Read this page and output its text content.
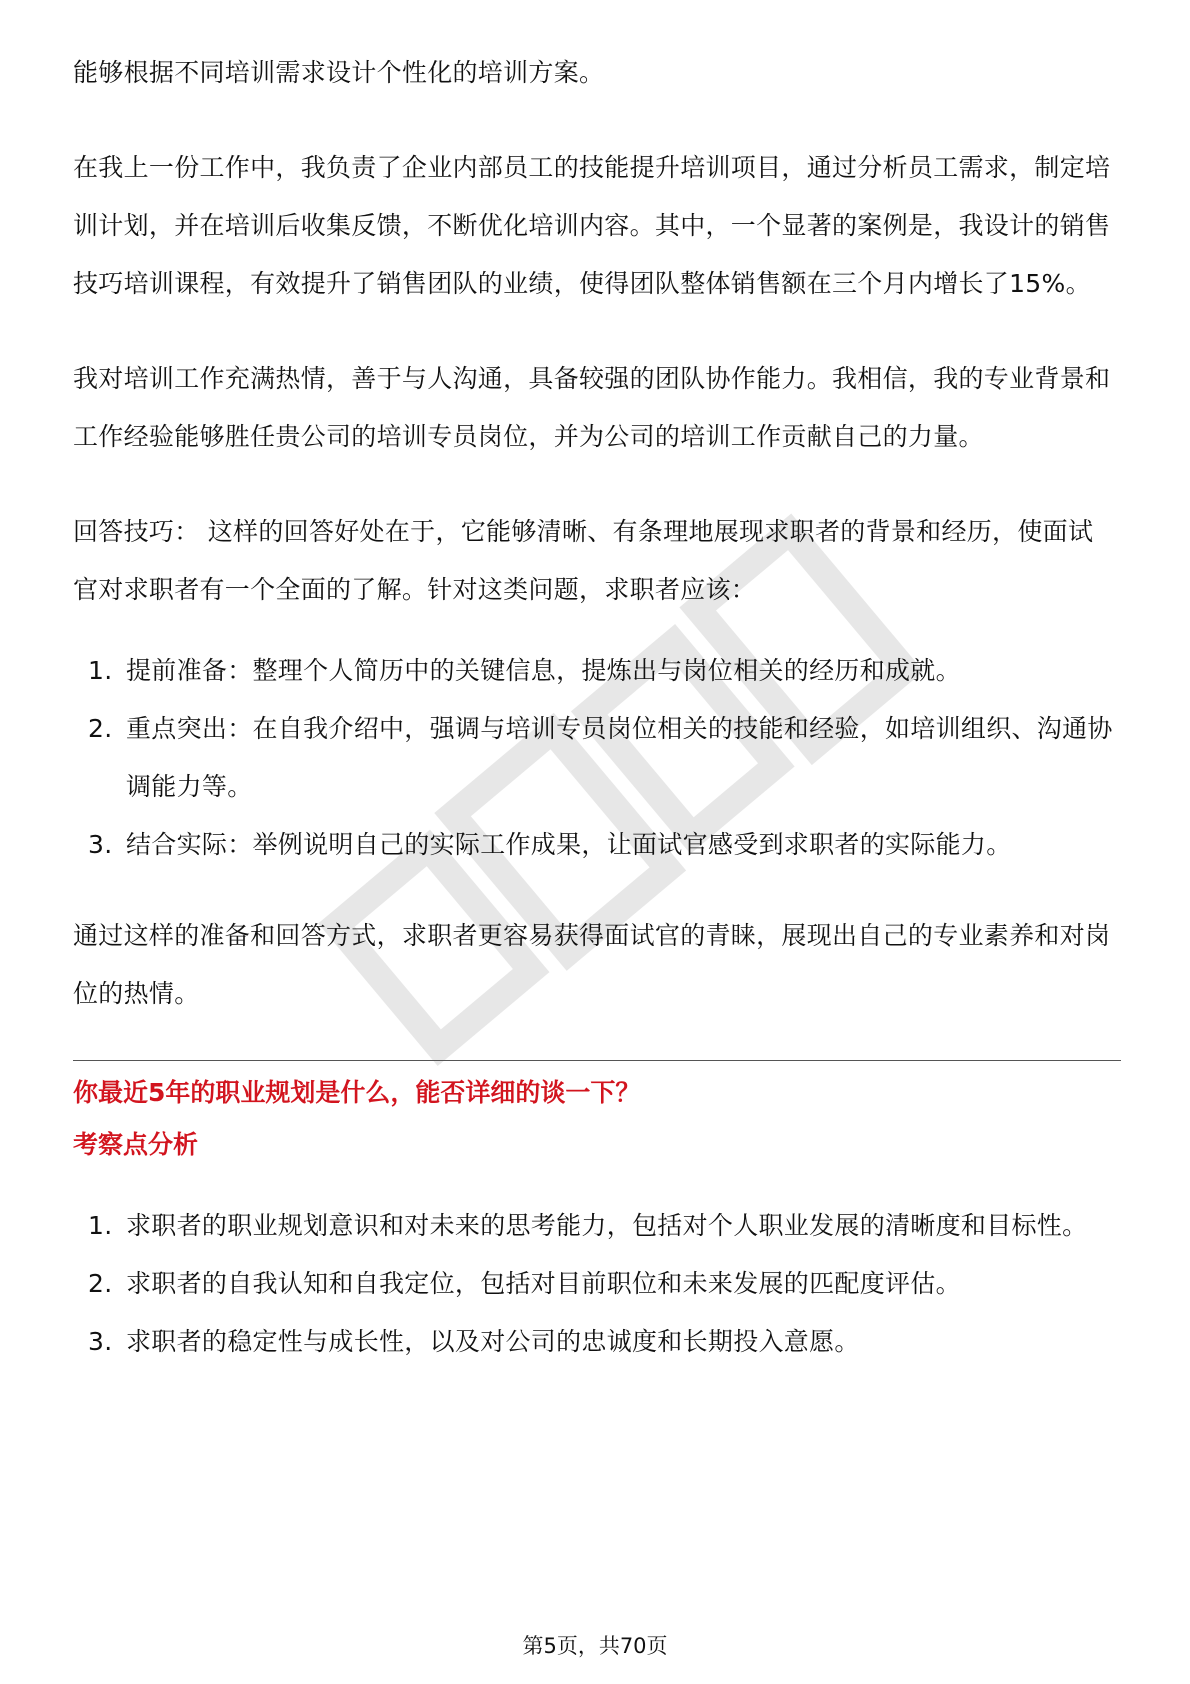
能够根据不同培训需求设计个性化的培训方案。

在我上一份工作中，我负责了企业内部员工的技能提升培训项目，通过分析员工需求，制定培训计划，并在培训后收集反馈，不断优化培训内容。其中，一个显著的案例是，我设计的销售技巧培训课程，有效提升了销售团队的业绩，使得团队整体销售额在三个月内增长了15%。

我对培训工作充满热情，善于与人沟通，具备较强的团队协作能力。我相信，我的专业背景和工作经验能够胜任贵公司的培训专员岗位，并为公司的培训工作贡献自己的力量。

回答技巧： 这样的回答好处在于，它能够清晰、有条理地展现求职者的背景和经历，使面试官对求职者有一个全面的了解。针对这类问题，求职者应该：

1. 提前准备：整理个人简历中的关键信息，提炼出与岗位相关的经历和成就。
2. 重点突出：在自我介绍中，强调与培训专员岗位相关的技能和经验，如培训组织、沟通协调能力等。
3. 结合实际：举例说明自己的实际工作成果，让面试官感受到求职者的实际能力。

通过这样的准备和回答方式，求职者更容易获得面试官的青睐，展现出自己的专业素养和对岗位的热情。

你最近5年的职业规划是什么，能否详细的谈一下？
考察点分析
1. 求职者的职业规划意识和对未来的思考能力，包括对个人职业发展的清晰度和目标性。
2. 求职者的自我认知和自我定位，包括对目前职位和未来发展的匹配度评估。
3. 求职者的稳定性与成长性，以及对公司的忠诚度和长期投入意愿。
第5页，共70页
